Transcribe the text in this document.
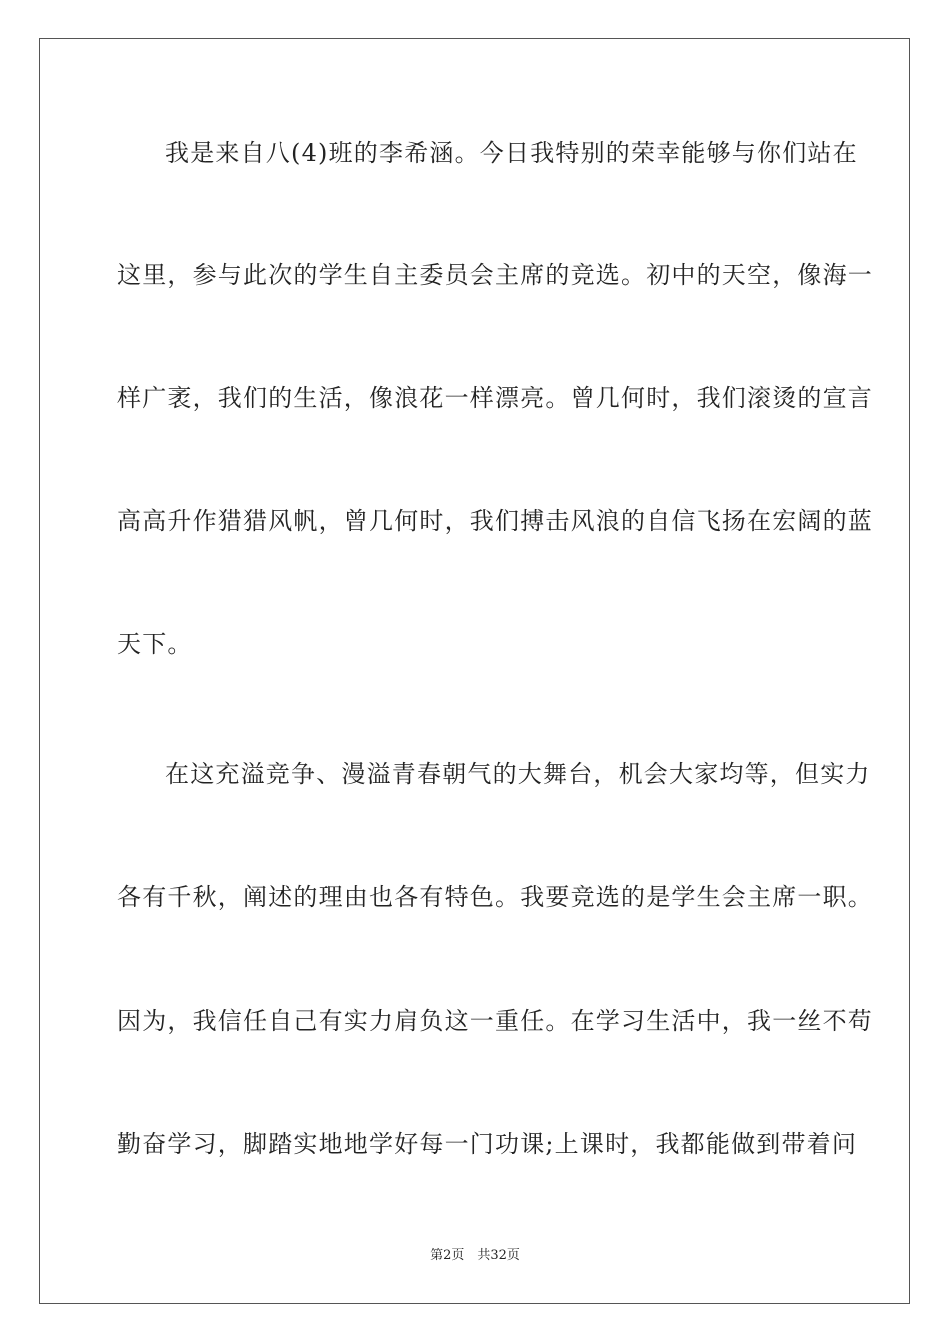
我是来自八(4)班的李希涵。今日我特别的荣幸能够与你们站在
这里，参与此次的学生自主委员会主席的竞选。初中的天空，像海一
样广袤，我们的生活，像浪花一样漂亮。曾几何时，我们滚烫的宣言
高高升作猎猎风帆，曾几何时，我们搏击风浪的自信飞扬在宏阔的蓝
天下。
在这充溢竞争、漫溢青春朝气的大舞台，机会大家均等，但实力
各有千秋，阐述的理由也各有特色。我要竞选的是学生会主席一职。
因为，我信任自己有实力肩负这一重任。在学习生活中，我一丝不苟
勤奋学习，脚踏实地地学好每一门功课;上课时，我都能做到带着问
第2页　共32页
